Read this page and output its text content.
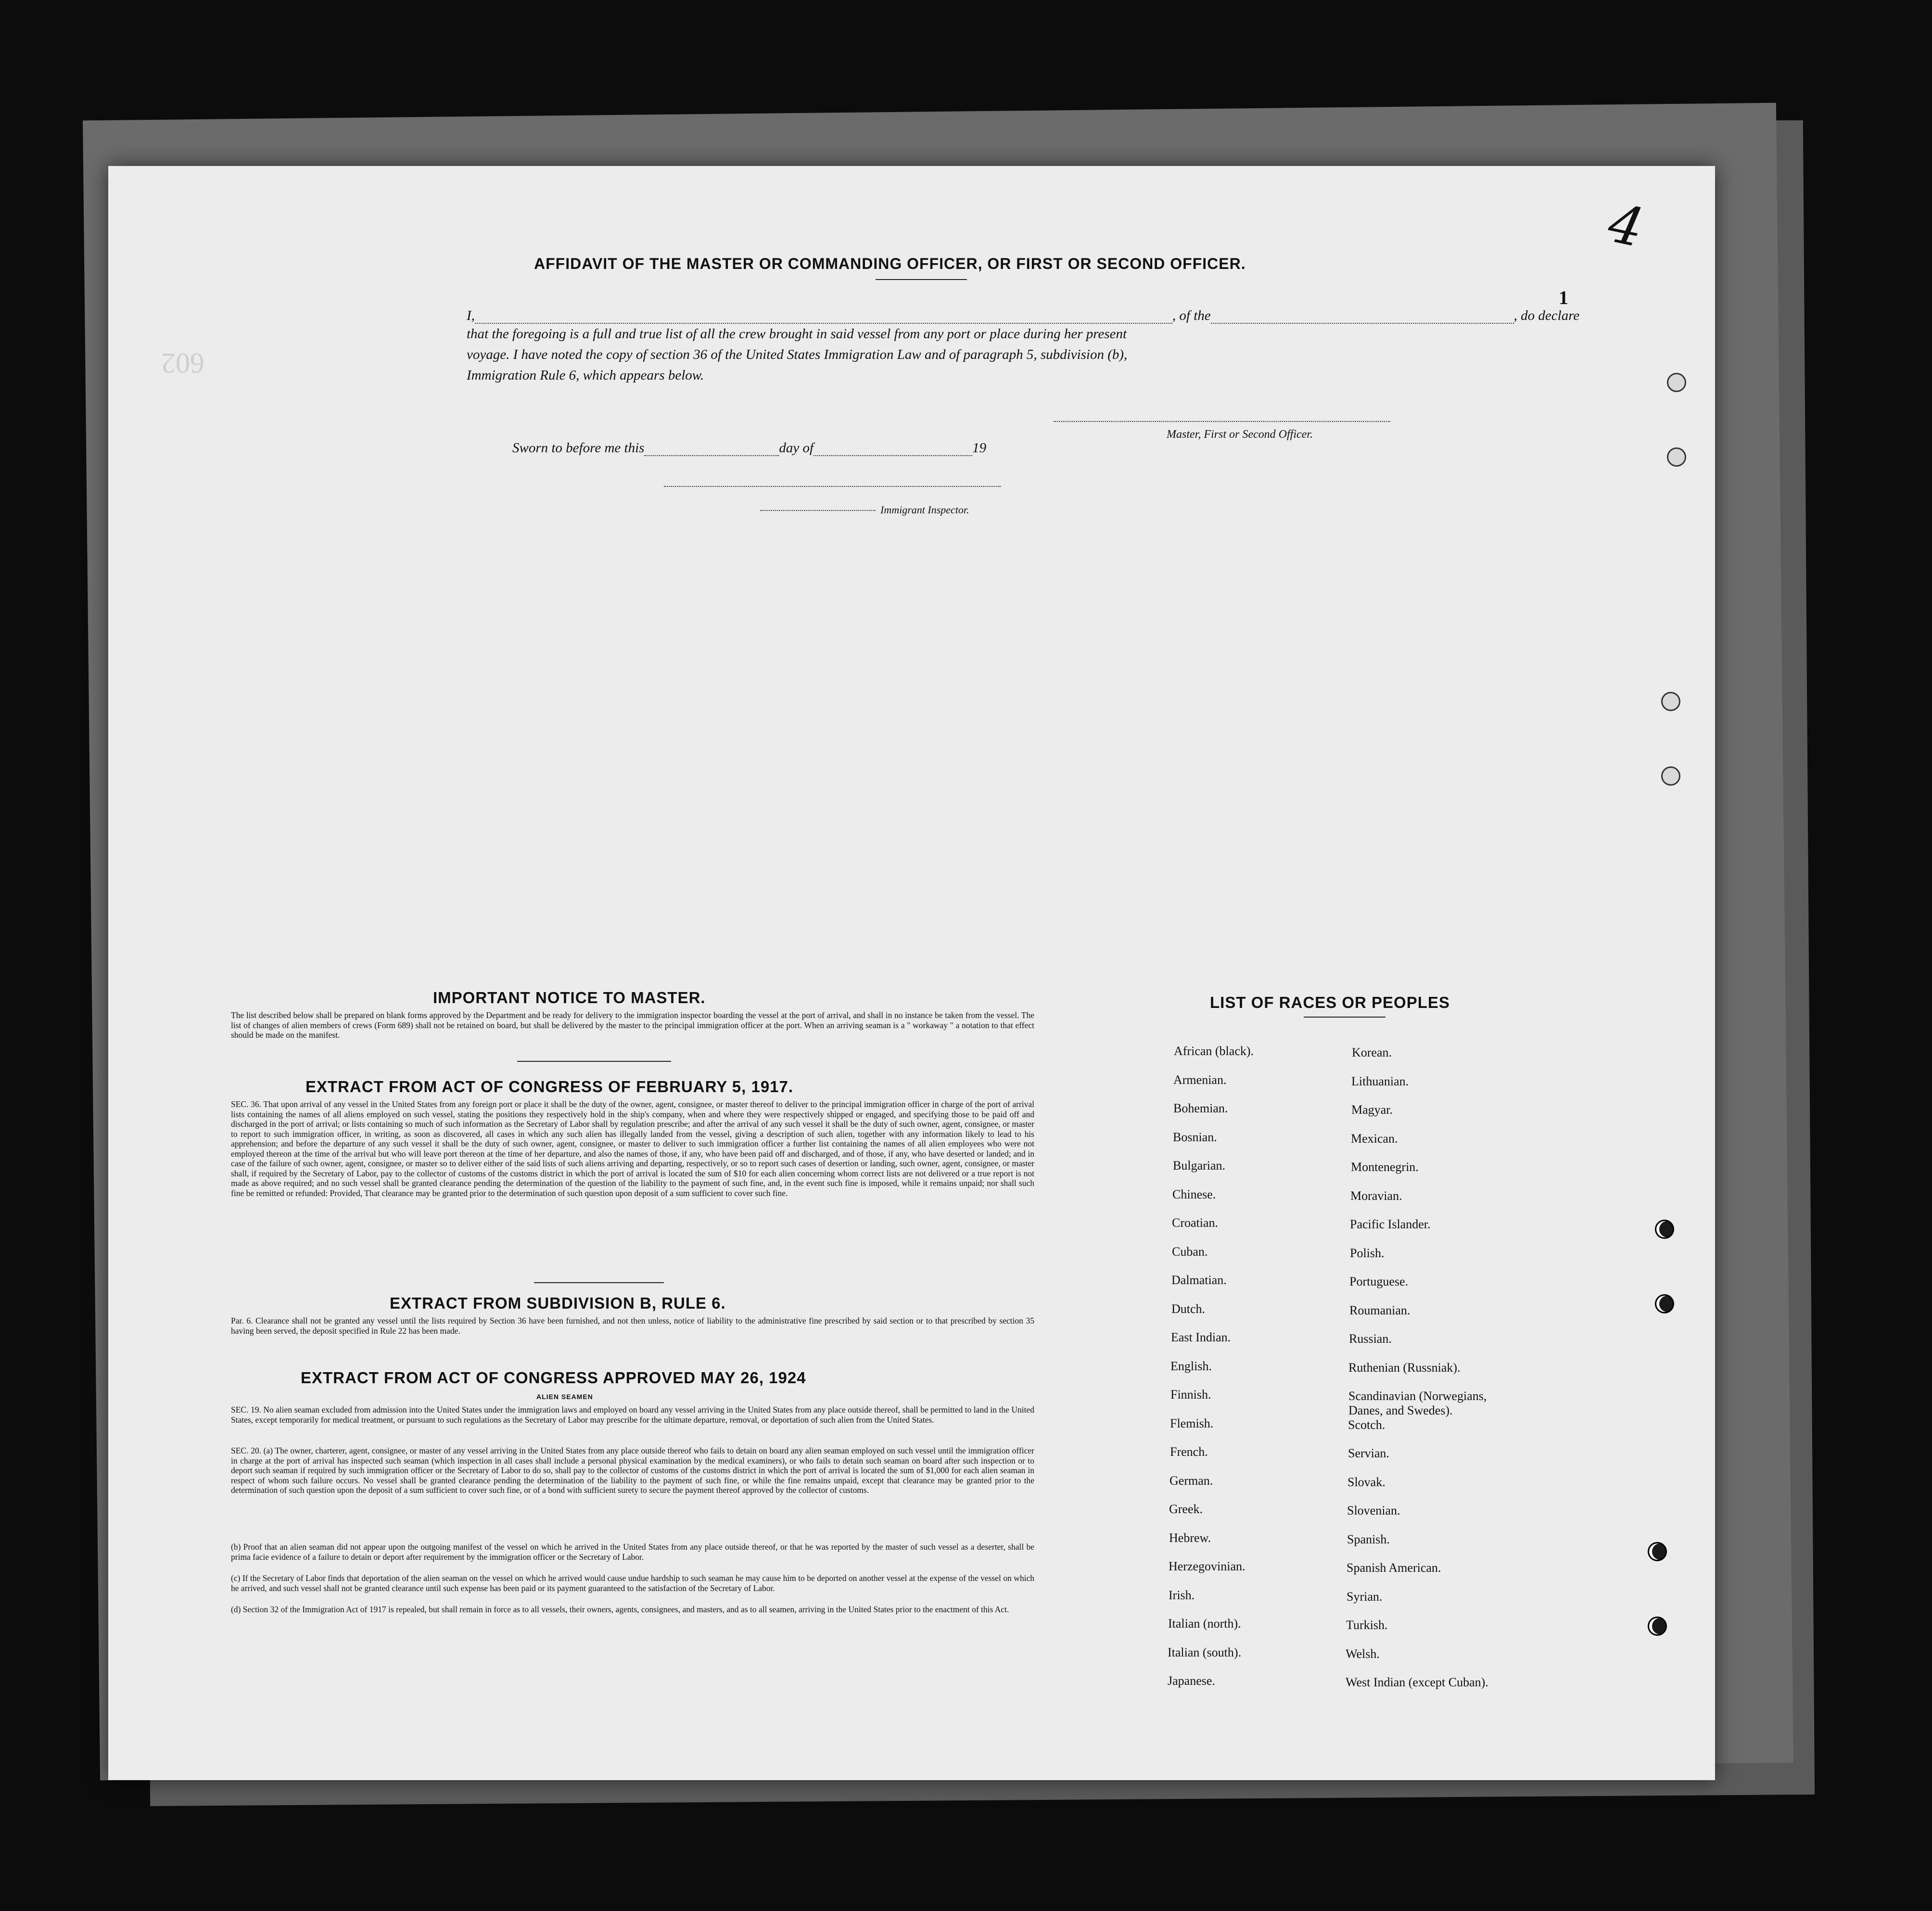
602
4
1
AFFIDAVIT OF THE MASTER OR COMMANDING OFFICER, OR FIRST OR SECOND OFFICER.
I,	, of the	, do declare
that the foregoing is a full and true list of all the crew brought in said vessel from any port or place during her present
voyage. I have noted the copy of section 36 of the United States Immigration Law and of paragraph 5, subdivision (b),
Immigration Rule 6, which appears below.
Master, First or Second Officer.
Sworn to before me this	day of	19
Immigrant Inspector.
IMPORTANT NOTICE TO MASTER.
The list described below shall be prepared on blank forms approved by the Department and be ready for delivery to the immigration inspector boarding the vessel at the port of arrival, and shall in no instance be taken from the vessel. The list of changes of alien members of crews (Form 689) shall not be retained on board, but shall be delivered by the master to the principal immigration officer at the port. When an arriving seaman is a " workaway " a notation to that effect should be made on the manifest.
EXTRACT FROM ACT OF CONGRESS OF FEBRUARY 5, 1917.
SEC. 36. That upon arrival of any vessel in the United States from any foreign port or place it shall be the duty of the owner, agent, consignee, or master thereof to deliver to the principal immigration officer in charge of the port of arrival lists containing the names of all aliens employed on such vessel, stating the positions they respectively hold in the ship's company, when and where they were respectively shipped or engaged, and specifying those to be paid off and discharged in the port of arrival; or lists containing so much of such information as the Secretary of Labor shall by regulation prescribe; and after the arrival of any such vessel it shall be the duty of such owner, agent, consignee, or master to report to such immigration officer, in writing, as soon as discovered, all cases in which any such alien has illegally landed from the vessel, giving a description of such alien, together with any information likely to lead to his apprehension; and before the departure of any such vessel it shall be the duty of such owner, agent, consignee, or master to deliver to such immigration officer a further list containing the names of all alien employees who were not employed thereon at the time of the arrival but who will leave port thereon at the time of her departure, and also the names of those, if any, who have been paid off and discharged, and of those, if any, who have deserted or landed; and in case of the failure of such owner, agent, consignee, or master so to deliver either of the said lists of such aliens arriving and departing, respectively, or so to report such cases of desertion or landing, such owner, agent, consignee, or master shall, if required by the Secretary of Labor, pay to the collector of customs of the customs district in which the port of arrival is located the sum of $10 for each alien concerning whom correct lists are not delivered or a true report is not made as above required; and no such vessel shall be granted clearance pending the determination of the question of the liability to the payment of such fine, and, in the event such fine is imposed, while it remains unpaid; nor shall such fine be remitted or refunded: Provided, That clearance may be granted prior to the determination of such question upon deposit of a sum sufficient to cover such fine.
EXTRACT FROM SUBDIVISION B, RULE 6.
Par. 6. Clearance shall not be granted any vessel until the lists required by Section 36 have been furnished, and not then unless, notice of liability to the administrative fine prescribed by said section or to that prescribed by section 35 having been served, the deposit specified in Rule 22 has been made.
EXTRACT FROM ACT OF CONGRESS APPROVED MAY 26, 1924
ALIEN SEAMEN
SEC. 19. No alien seaman excluded from admission into the United States under the immigration laws and employed on board any vessel arriving in the United States from any place outside thereof, shall be permitted to land in the United States, except temporarily for medical treatment, or pursuant to such regulations as the Secretary of Labor may prescribe for the ultimate departure, removal, or deportation of such alien from the United States.
SEC. 20. (a) The owner, charterer, agent, consignee, or master of any vessel arriving in the United States from any place outside thereof who fails to detain on board any alien seaman employed on such vessel until the immigration officer in charge at the port of arrival has inspected such seaman (which inspection in all cases shall include a personal physical examination by the medical examiners), or who fails to detain such seaman on board after such inspection or to deport such seaman if required by such immigration officer or the Secretary of Labor to do so, shall pay to the collector of customs of the customs district in which the port of arrival is located the sum of $1,000 for each alien seaman in respect of whom such failure occurs. No vessel shall be granted clearance pending the determination of the liability to the payment of such fine, or while the fine remains unpaid, except that clearance may be granted prior to the determination of such question upon the deposit of a sum sufficient to cover such fine, or of a bond with sufficient surety to secure the payment thereof approved by the collector of customs.
(b) Proof that an alien seaman did not appear upon the outgoing manifest of the vessel on which he arrived in the United States from any place outside thereof, or that he was reported by the master of such vessel as a deserter, shall be prima facie evidence of a failure to detain or deport after requirement by the immigration officer or the Secretary of Labor.
(c) If the Secretary of Labor finds that deportation of the alien seaman on the vessel on which he arrived would cause undue hardship to such seaman he may cause him to be deported on another vessel at the expense of the vessel on which he arrived, and such vessel shall not be granted clearance until such expense has been paid or its payment guaranteed to the satisfaction of the Secretary of Labor.
(d) Section 32 of the Immigration Act of 1917 is repealed, but shall remain in force as to all vessels, their owners, agents, consignees, and masters, and as to all seamen, arriving in the United States prior to the enactment of this Act.
LIST OF RACES OR PEOPLES
African (black).
Armenian.
Bohemian.
Bosnian.
Bulgarian.
Chinese.
Croatian.
Cuban.
Dalmatian.
Dutch.
East Indian.
English.
Finnish.
Flemish.
French.
German.
Greek.
Hebrew.
Herzegovinian.
Irish.
Italian (north).
Italian (south).
Japanese.
Korean.
Lithuanian.
Magyar.
Mexican.
Montenegrin.
Moravian.
Pacific Islander.
Polish.
Portuguese.
Roumanian.
Russian.
Ruthenian (Russniak).
Scandinavian (Norwegians, Danes, and Swedes).
Scotch.
Servian.
Slovak.
Slovenian.
Spanish.
Spanish American.
Syrian.
Turkish.
Welsh.
West Indian (except Cuban).
